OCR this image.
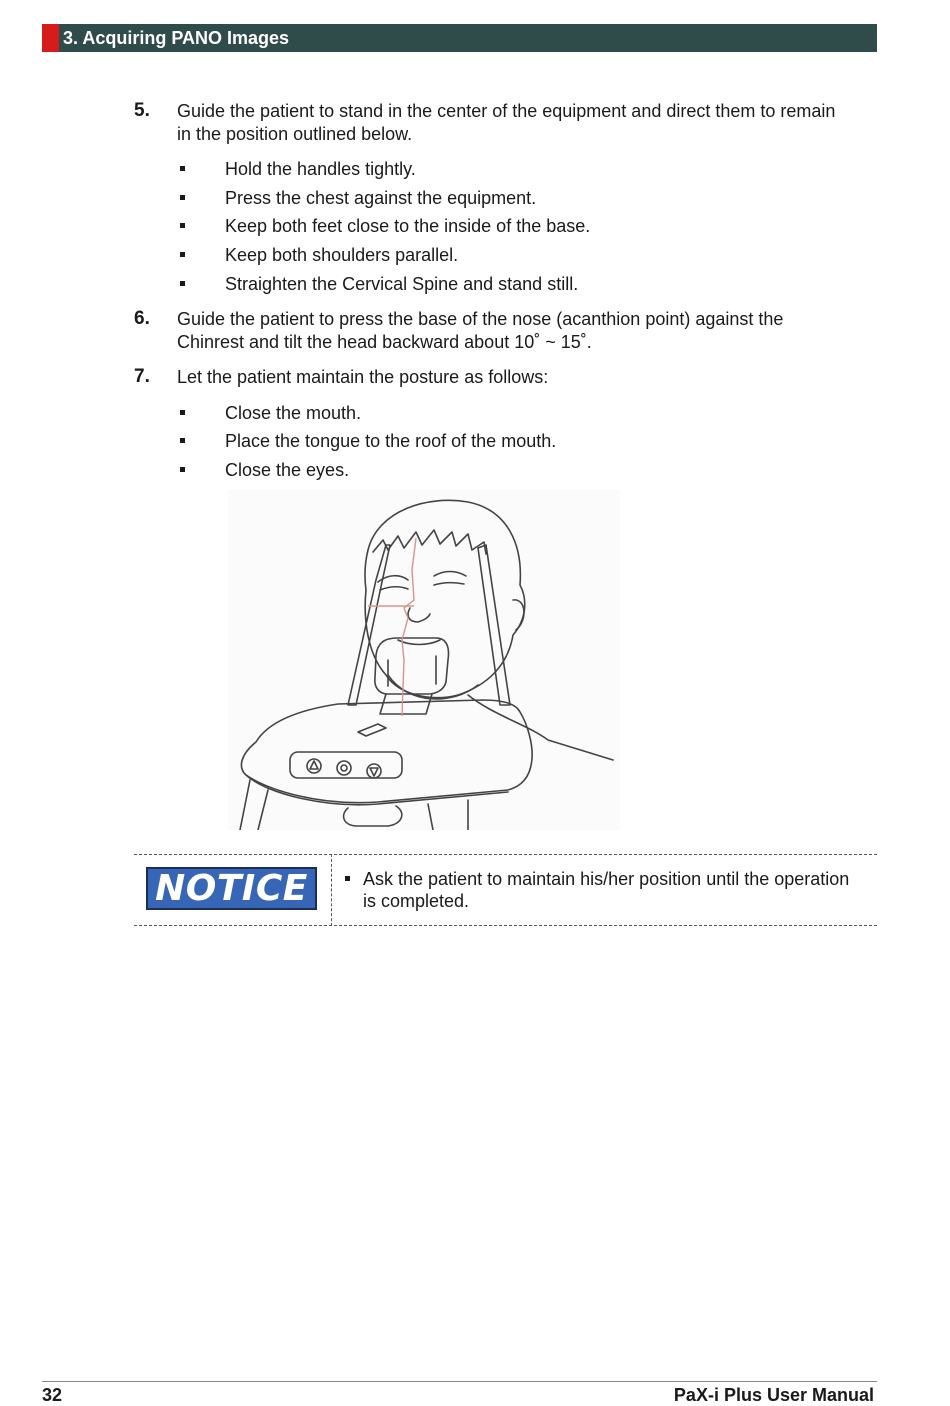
3. Acquiring PANO Images
5. Guide the patient to stand in the center of the equipment and direct them to remain in the position outlined below.
Hold the handles tightly.
Press the chest against the equipment.
Keep both feet close to the inside of the base.
Keep both shoulders parallel.
Straighten the Cervical Spine and stand still.
6. Guide the patient to press the base of the nose (acanthion point) against the Chinrest and tilt the head backward about 10˚ ~ 15˚.
7. Let the patient maintain the posture as follows:
Close the mouth.
Place the tongue to the roof of the mouth.
Close the eyes.
NOTICE	Ask the patient to maintain his/her position until the operation is completed.
32	PaX-i Plus User Manual
